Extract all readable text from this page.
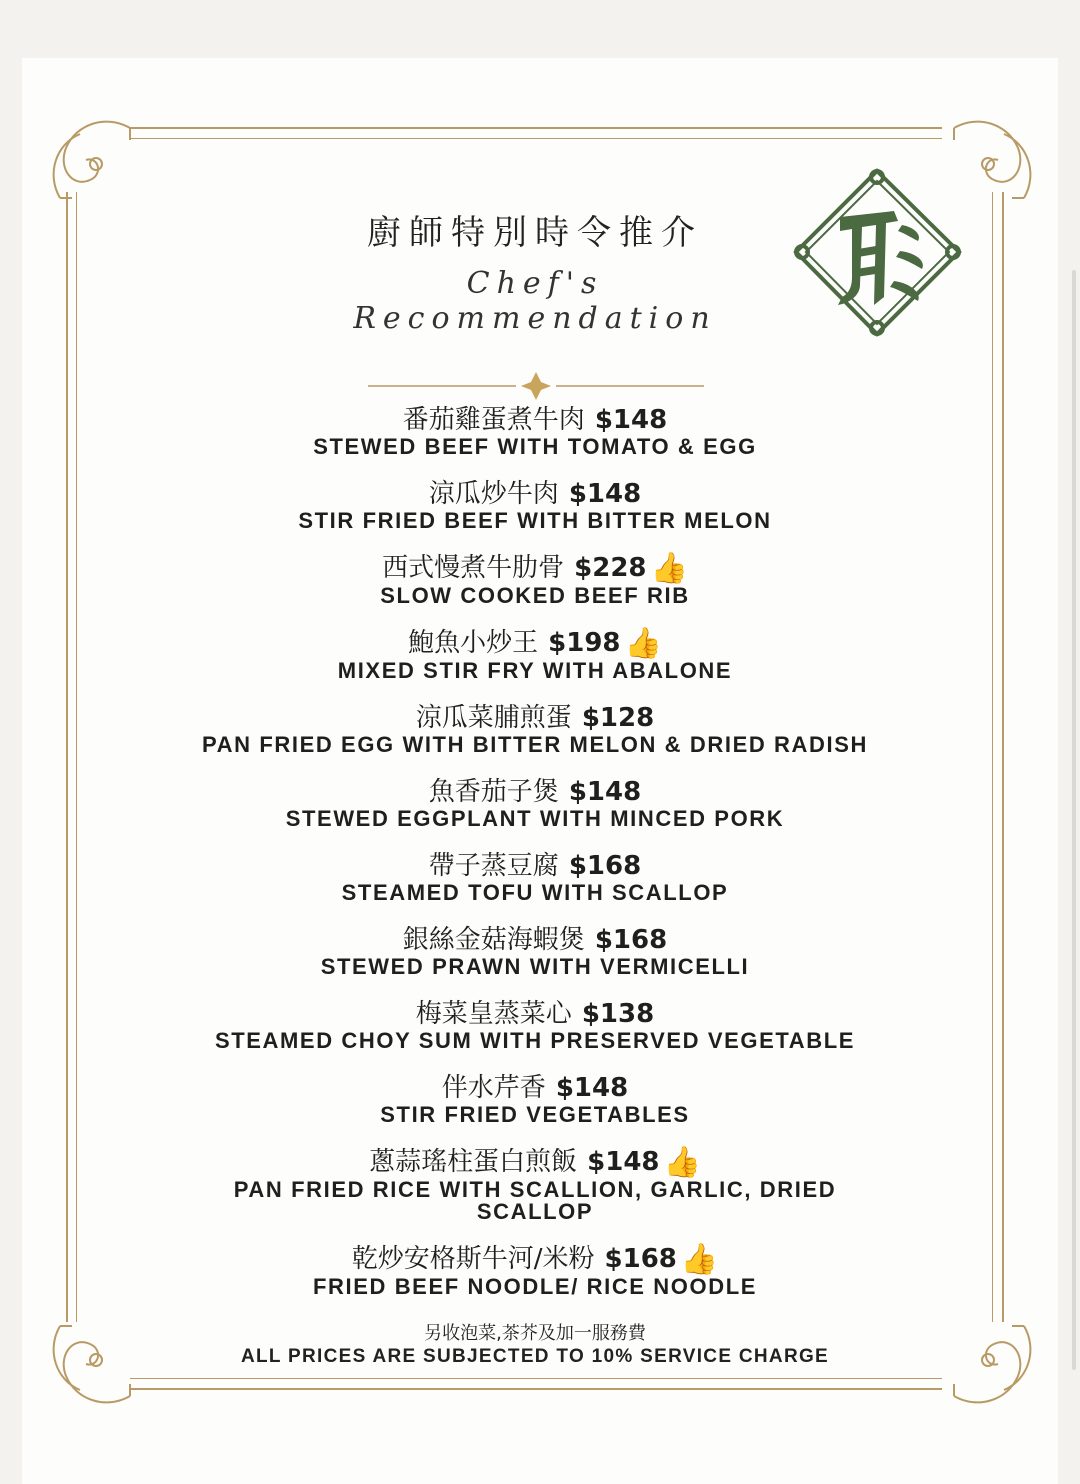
廚師特別時令推介
Chef's Recommendation
番茄雞蛋煮牛肉 $148
STEWED BEEF WITH TOMATO & EGG
涼瓜炒牛肉 $148
STIR FRIED BEEF WITH BITTER MELON
西式慢煮牛肋骨 $228 👍
SLOW COOKED BEEF RIB
鮑魚小炒王 $198 👍
MIXED STIR FRY WITH ABALONE
涼瓜菜脯煎蛋 $128
PAN FRIED EGG WITH BITTER MELON & DRIED RADISH
魚香茄子煲 $148
STEWED EGGPLANT WITH MINCED PORK
帶子蒸豆腐 $168
STEAMED TOFU WITH SCALLOP
銀絲金菇海蝦煲 $168
STEWED PRAWN WITH VERMICELLI
梅菜皇蒸菜心 $138
STEAMED CHOY SUM WITH PRESERVED VEGETABLE
伴水芹香 $148
STIR FRIED VEGETABLES
蔥蒜瑤柱蛋白煎飯 $148 👍
PAN FRIED RICE WITH SCALLION, GARLIC, DRIED SCALLOP
乾炒安格斯牛河/米粉 $168 👍
FRIED BEEF NOODLE/ RICE NOODLE
另收泡菜,茶芥及加一服務費
ALL PRICES ARE SUBJECTED TO 10% SERVICE CHARGE
